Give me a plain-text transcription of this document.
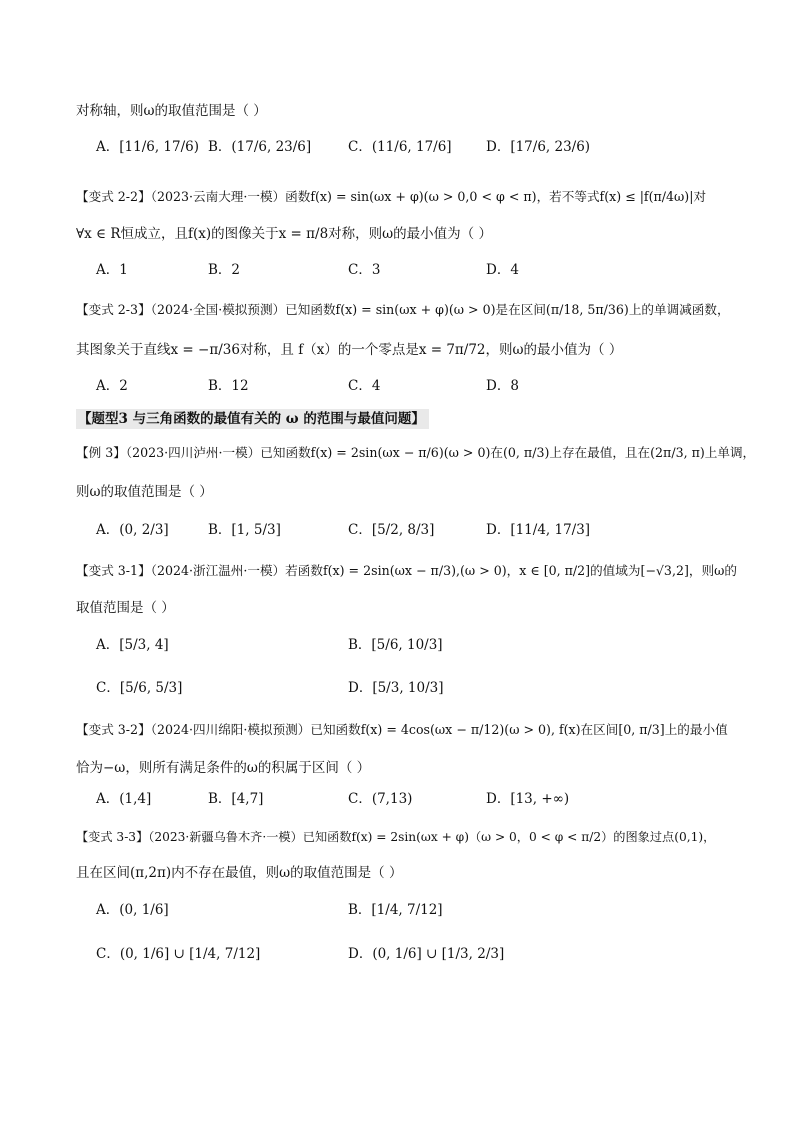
对称轴，则ω的取值范围是（ ）
A．[11/6, 17/6) B．(17/6, 23/6]	C．(11/6, 17/6]	D．[17/6, 23/6)
【变式 2-2】（2023·云南大理·一模）函数f(x) = sin(ωx + φ)(ω > 0,0 < φ < π)，若不等式f(x) ≤ |f(π/4ω)|对
∀x ∈ R恒成立，且f(x)的图像关于x = π/8对称，则ω的最小值为（ ）
A．1	B．2	C．3	D．4
【变式 2-3】（2024·全国·模拟预测）已知函数f(x) = sin(ωx + φ)(ω > 0)是在区间(π/18, 5π/36)上的单调减函数，
其图象关于直线x = −π/36对称，且 f（x）的一个零点是x = 7π/72，则ω的最小值为（ ）
A．2	B．12	C．4	D．8
【题型3 与三角函数的最值有关的 ω 的范围与最值问题】
【例 3】（2023·四川泸州·一模）已知函数f(x) = 2sin(ωx − π/6)(ω > 0)在(0, π/3)上存在最值，且在(2π/3, π)上单调，
则ω的取值范围是（ ）
A．(0, 2/3]	B．[1, 5/3]	C．[5/2, 8/3]	D．[11/4, 17/3]
【变式 3-1】（2024·浙江温州·一模）若函数f(x) = 2sin(ωx − π/3),(ω > 0)，x ∈ [0, π/2]的值域为[−√3,2]，则ω的
取值范围是（ ）
A．[5/3, 4]	B．[5/6, 10/3]
C．[5/6, 5/3]	D．[5/3, 10/3]
【变式 3-2】（2024·四川绵阳·模拟预测）已知函数f(x) = 4cos(ωx − π/12)(ω > 0), f(x)在区间[0, π/3]上的最小值
恰为−ω，则所有满足条件的ω的积属于区间（ ）
A．(1,4]	B．[4,7]	C．(7,13)	D．[13, +∞)
【变式 3-3】（2023·新疆乌鲁木齐·一模）已知函数f(x) = 2sin(ωx + φ)（ω > 0，0 < φ < π/2）的图象过点(0,1)，
且在区间(π,2π)内不存在最值，则ω的取值范围是（ ）
A．(0, 1/6]	B．[1/4, 7/12]
C．(0, 1/6] ∪ [1/4, 7/12]	D．(0, 1/6] ∪ [1/3, 2/3]
